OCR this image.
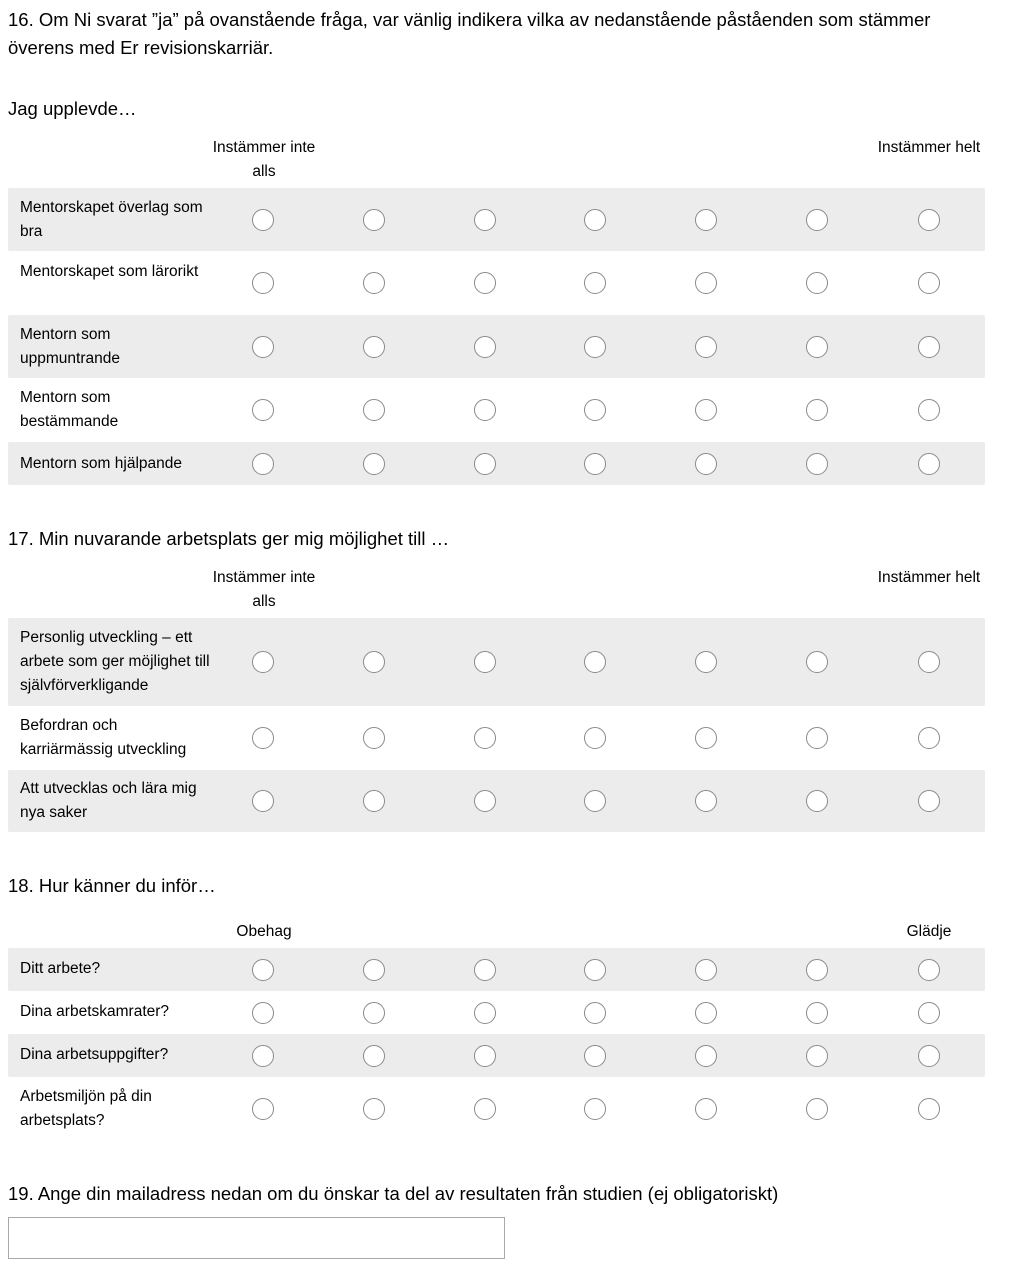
16. Om Ni svarat ”ja” på ovanstående fråga, var vänlig indikera vilka av nedanstående påståenden som stämmer överens med Er revisionskarriär.
Jag upplevde…
Instämmer inte alls
Instämmer helt
Mentorskapet överlag som bra
Mentorskapet som lärorikt
Mentorn som uppmuntrande
Mentorn som bestämmande
Mentorn som hjälpande
17. Min nuvarande arbetsplats ger mig möjlighet till …
Instämmer inte alls
Instämmer helt
Personlig utveckling – ett arbete som ger möjlighet till självförverkligande
Befordran och karriärmässig utveckling
Att utvecklas och lära mig nya saker
18. Hur känner du inför…
Obehag	Glädje
Ditt arbete?
Dina arbetskamrater?
Dina arbetsuppgifter?
Arbetsmiljön på din arbetsplats?
19. Ange din mailadress nedan om du önskar ta del av resultaten från studien (ej obligatoriskt)
